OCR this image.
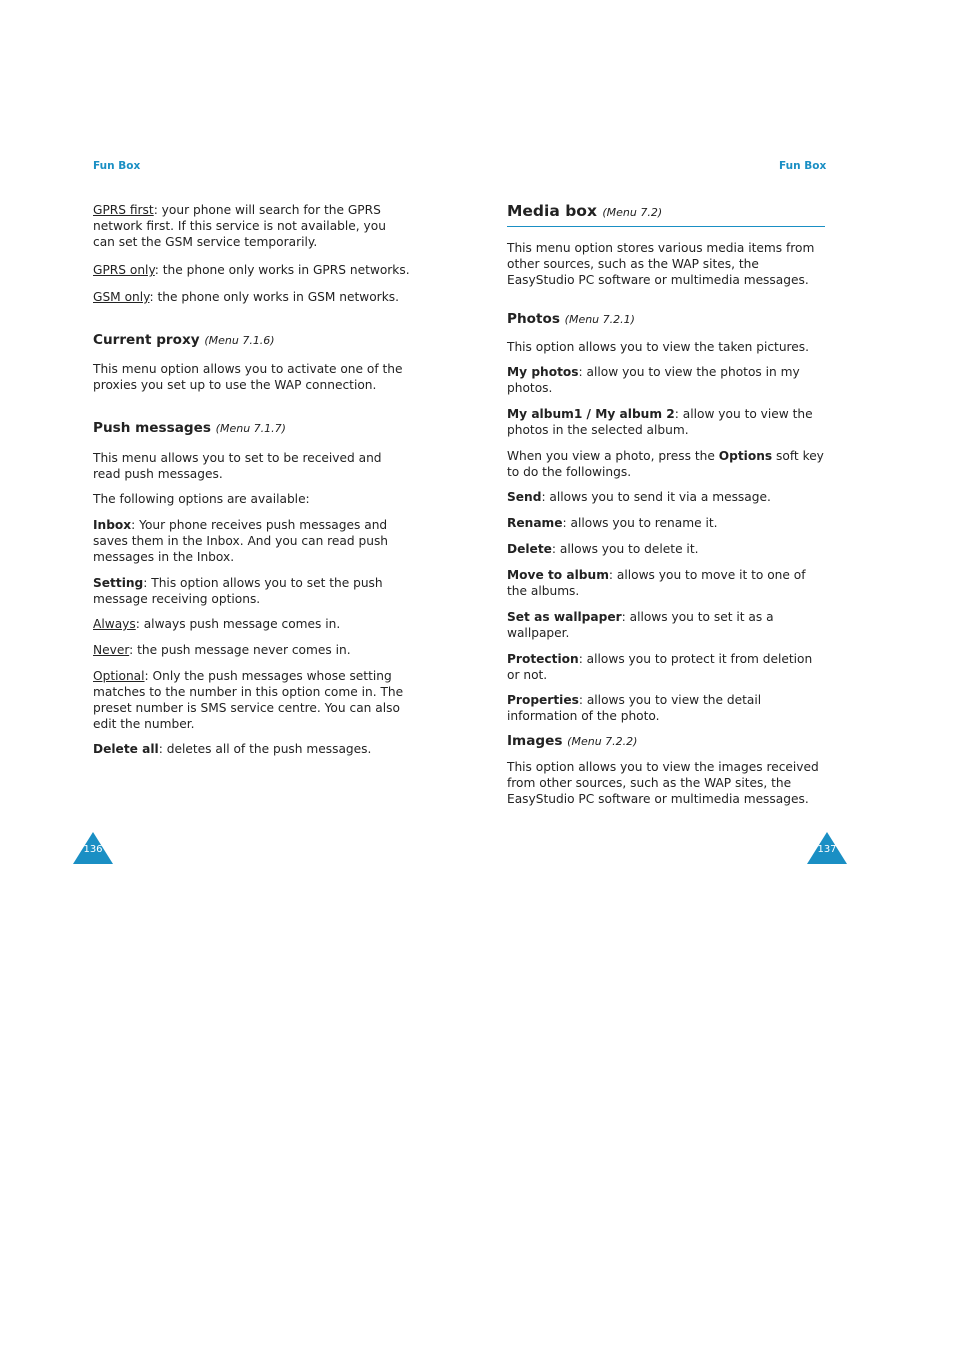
Fun Box	Fun Box

GPRS first: your phone will search for the GPRS network first. If this service is not available, you can set the GSM service temporarily.

GPRS only: the phone only works in GPRS networks.

GSM only: the phone only works in GSM networks.

Current proxy (Menu 7.1.6)

This menu option allows you to activate one of the proxies you set up to use the WAP connection.

Push messages (Menu 7.1.7)

This menu allows you to set to be received and read push messages.

The following options are available:

Inbox: Your phone receives push messages and saves them in the Inbox. And you can read push messages in the Inbox.

Setting: This option allows you to set the push message receiving options.

Always: always push message comes in.

Never: the push message never comes in.

Optional: Only the push messages whose setting matches to the number in this option come in. The preset number is SMS service centre. You can also edit the number.

Delete all: deletes all of the push messages.

Media box (Menu 7.2)

This menu option stores various media items from other sources, such as the WAP sites, the EasyStudio PC software or multimedia messages.

Photos (Menu 7.2.1)

This option allows you to view the taken pictures.

My photos: allow you to view the photos in my photos.

My album1 / My album 2: allow you to view the photos in the selected album.

When you view a photo, press the Options soft key to do the followings.

Send: allows you to send it via a message.

Rename: allows you to rename it.

Delete: allows you to delete it.

Move to album: allows you to move it to one of the albums.

Set as wallpaper: allows you to set it as a wallpaper.

Protection: allows you to protect it from deletion or not.

Properties: allows you to view the detail information of the photo.

Images (Menu 7.2.2)

This option allows you to view the images received from other sources, such as the WAP sites, the EasyStudio PC software or multimedia messages.

136	137
